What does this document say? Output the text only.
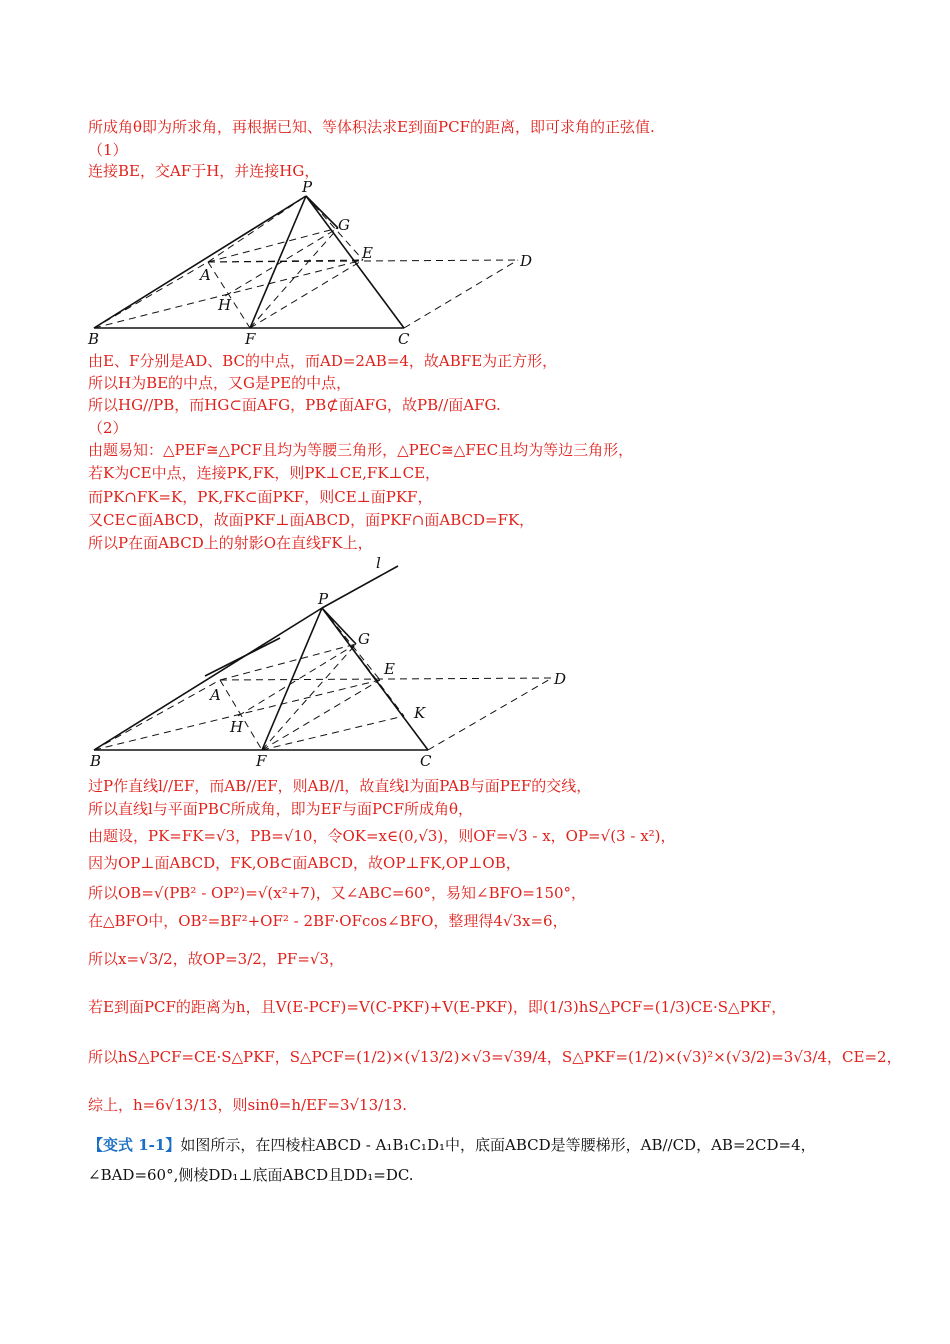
所成角θ即为所求角，再根据已知、等体积法求E到面PCF的距离，即可求角的正弦值.
（1）
连接BE，交AF于H，并连接HG，
P
G
E	D
A
H
B	F	C
由E、F分别是AD、BC的中点，而AD=2AB=4，故ABFE为正方形，
所以H为BE的中点，又G是PE的中点，
所以HG//PB，而HG⊂面AFG，PB⊄面AFG，故PB//面AFG.
（2）
由题易知：△PEF≅△PCF且均为等腰三角形，△PEC≅△FEC且均为等边三角形，
若K为CE中点，连接PK,FK，则PK⊥CE,FK⊥CE，
而PK∩FK=K，PK,FK⊂面PKF，则CE⊥面PKF，
又CE⊂面ABCD，故面PKF⊥面ABCD，面PKF∩面ABCD=FK，
所以P在面ABCD上的射影O在直线FK上，
l
P
G
E
D
A
K
H
B	F	C
过P作直线l//EF，而AB//EF，则AB//l，故直线l为面PAB与面PEF的交线，
所以直线l与平面PBC所成角，即为EF与面PCF所成角θ，
由题设，PK=FK=√3，PB=√10，令OK=x∈(0,√3)，则OF=√3 - x，OP=√(3 - x²)，
因为OP⊥面ABCD，FK,OB⊂面ABCD，故OP⊥FK,OP⊥OB，
所以OB=√(PB² - OP²)=√(x²+7)，又∠ABC=60°，易知∠BFO=150°，
在△BFO中，OB²=BF²+OF² - 2BF·OFcos∠BFO，整理得4√3x=6，
所以x=√3/2，故OP=3/2，PF=√3，
若E到面PCF的距离为h，且V(E-PCF)=V(C-PKF)+V(E-PKF)，即(1/3)hS△PCF=(1/3)CE·S△PKF，
所以hS△PCF=CE·S△PKF，S△PCF=(1/2)×(√13/2)×√3=√39/4，S△PKF=(1/2)×(√3)²×(√3/2)=3√3/4，CE=2，
综上，h=6√13/13，则sinθ=h/EF=3√13/13.
【变式 1-1】如图所示，在四棱柱ABCD - A₁B₁C₁D₁中，底面ABCD是等腰梯形，AB//CD，AB=2CD=4，
∠BAD=60°,侧棱DD₁⊥底面ABCD且DD₁=DC.
